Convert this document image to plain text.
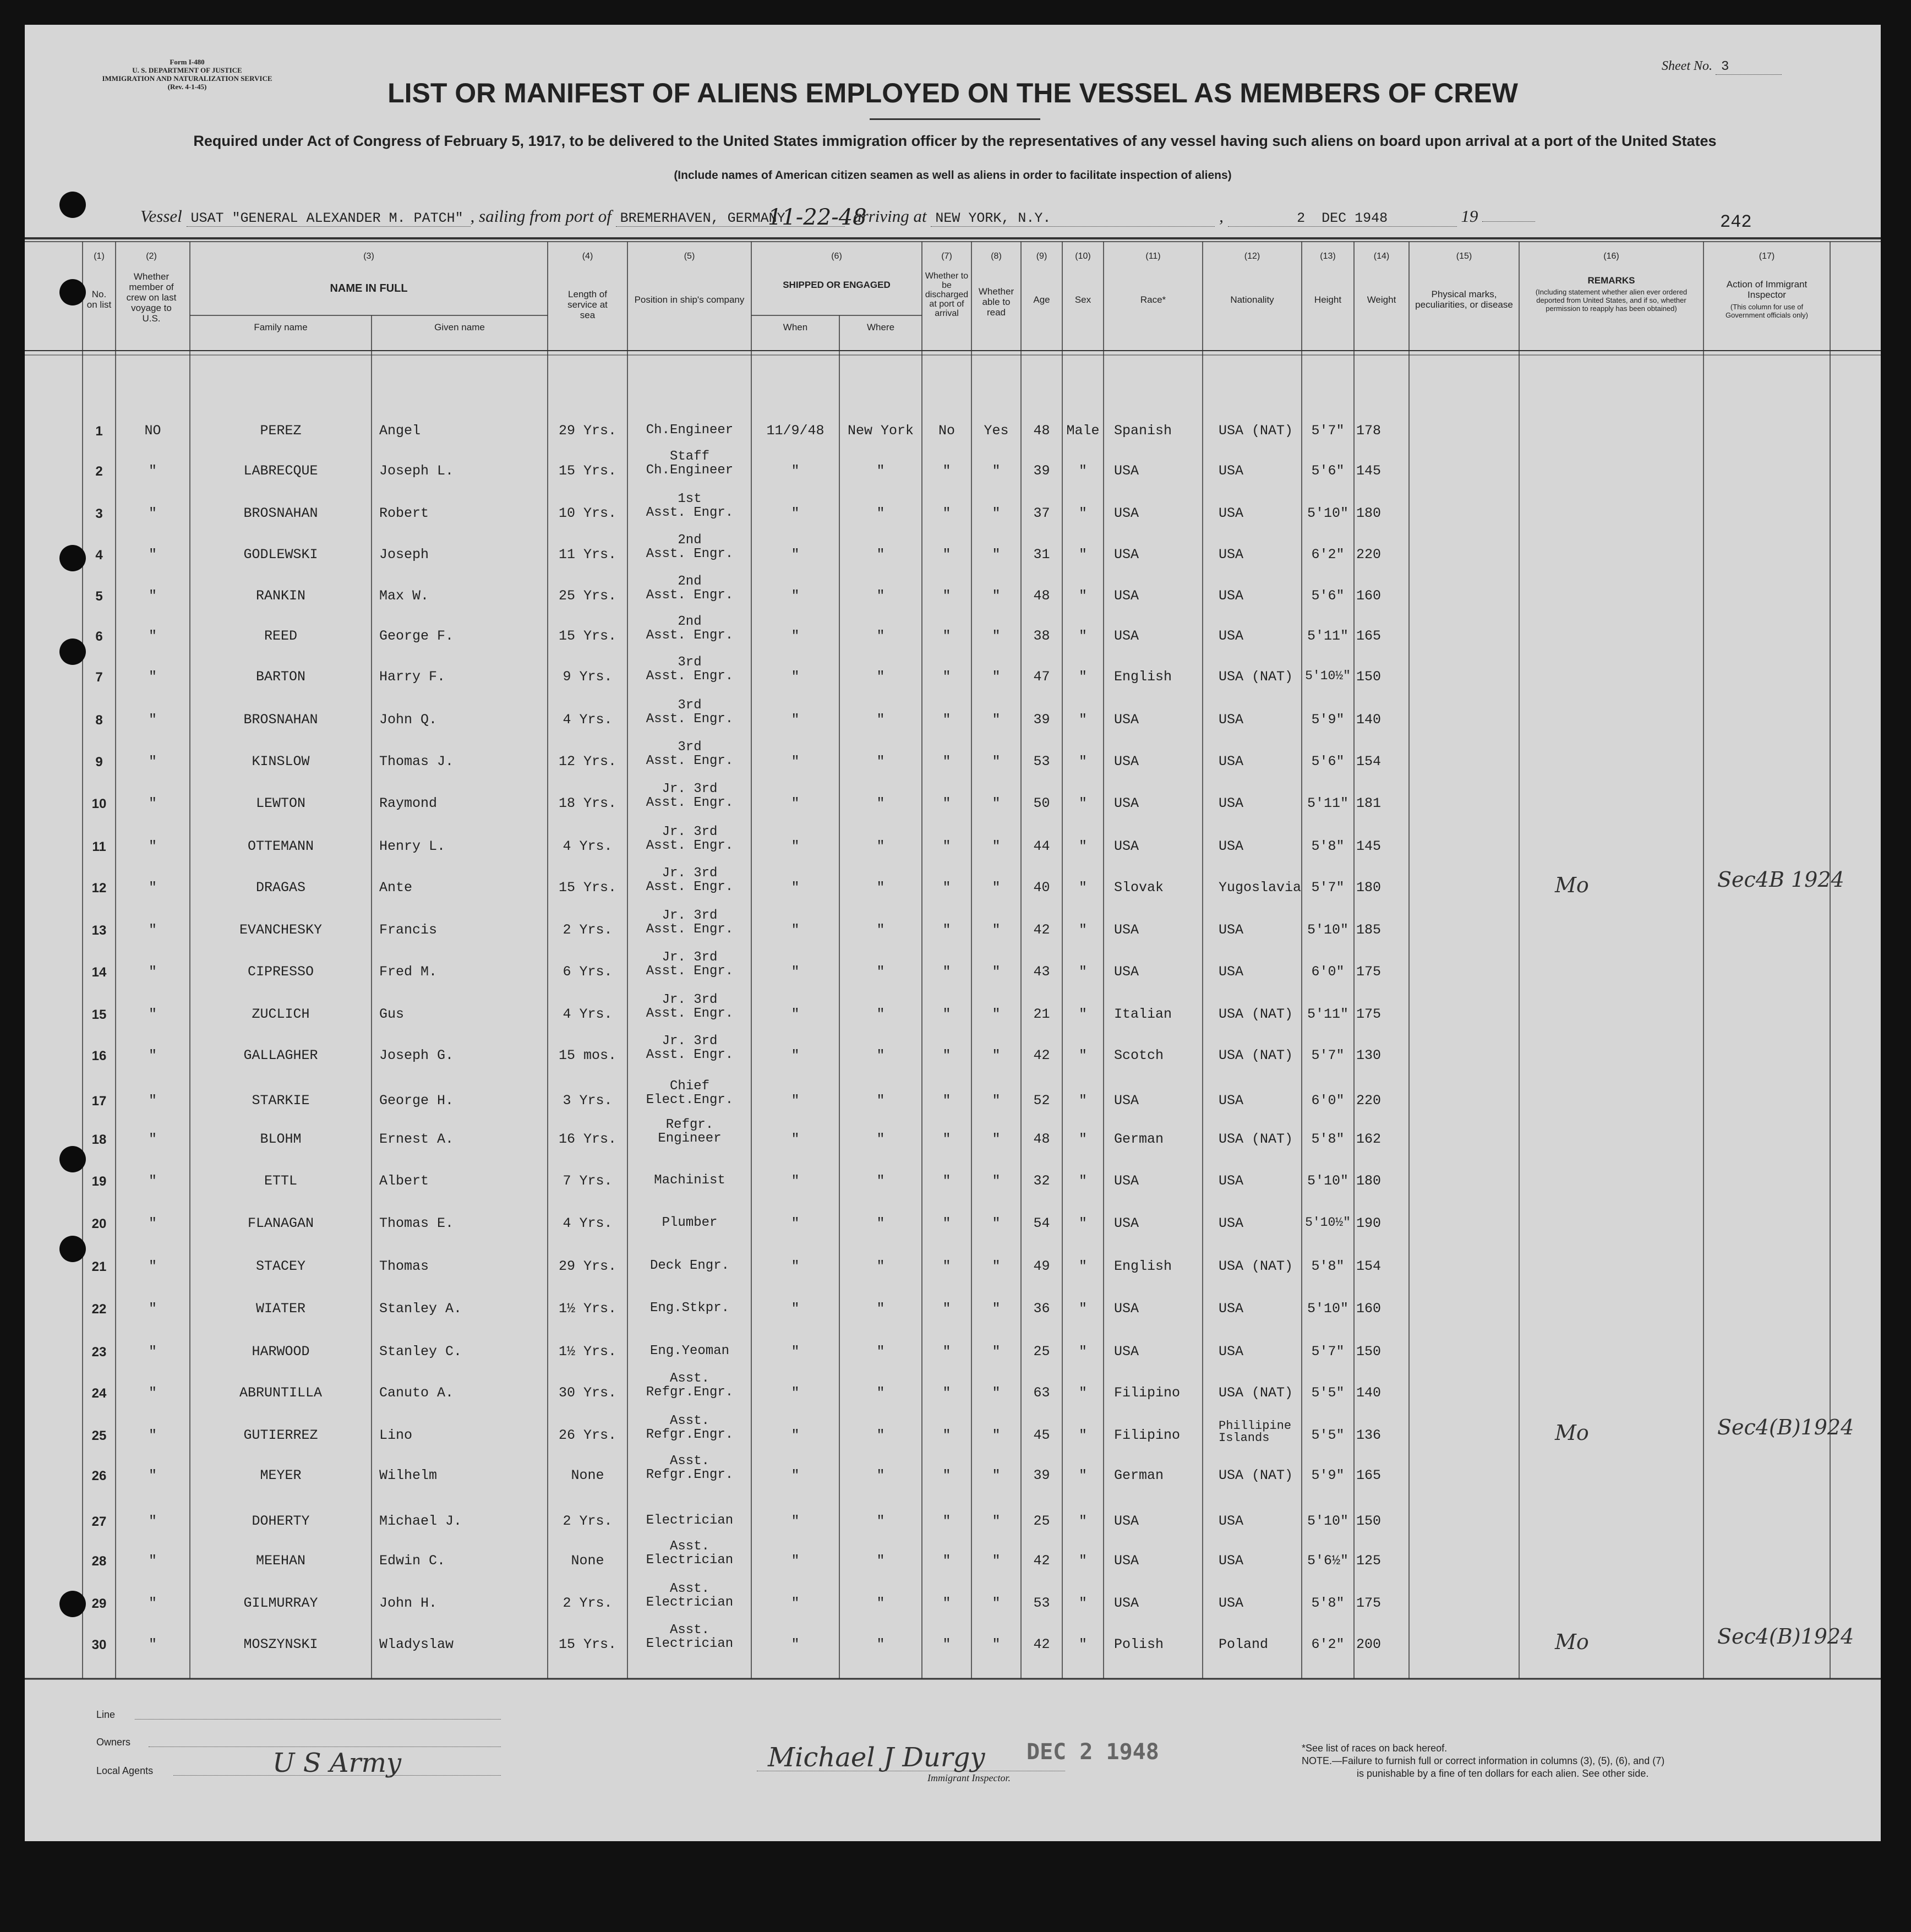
Form I-480
U. S. DEPARTMENT OF JUSTICE
IMMIGRATION AND NATURALIZATION SERVICE
(Rev. 4-1-45)
Sheet No. 3
LIST OR MANIFEST OF ALIENS EMPLOYED ON THE VESSEL AS MEMBERS OF CREW
Required under Act of Congress of February 5, 1917, to be delivered to the United States immigration officer by the representatives of any vessel having such aliens on board upon arrival at a port of the United States
(Include names of American citizen seamen as well as aliens in order to facilitate inspection of aliens)
Vessel USAT "GENERAL ALEXANDER M. PATCH" , sailing from port of BREMERHAVEN, GERMANY
11-22-48
, arriving at NEW YORK, N.Y.	,	2 DEC 1948	19	242
(1)
No. on list
(2)
Whether member of crew on last voyage to U.S.
(3)
NAME IN FULL
Family name	Given name
(4)
Length of service at sea
(5)
Position in ship's company
(6)
SHIPPED OR ENGAGED
When	Where
(7)
Whether to be discharged at port of arrival
(8)
Whether able to read
(9)
Age
(10)
Sex
(11)
Race*
(12)
Nationality
(13)
Height
(14)
Weight
(15)
Physical marks, peculiarities, or disease
(16)
REMARKS
(Including statement whether alien ever ordered deported from United States, and if so, whether permission to reapply has been obtained)
(17)
Action of Immigrant Inspector
(This column for use of Government officials only)
1	NO	PEREZ	Angel	29 Yrs.	11/9/48	New York	No	Yes	48	Male	Spanish	USA (NAT)	5'7" 178

Ch.Engineer
2	"	LABRECQUE	Joseph L.	15 Yrs.	"	"	"	"	39	"	USA	USA	5'6" 145
Staff
Ch.Engineer
3	"	BROSNAHAN	Robert	10 Yrs.	"	"	"	"	37	"	USA	USA	5'10" 180
1st
Asst. Engr.
4	"	GODLEWSKI	Joseph	11 Yrs.	"	"	"	"	31	"	USA	USA	6'2" 220
2nd
Asst. Engr.
5	"	RANKIN	Max W.	25 Yrs.	"	"	"	"	48	"	USA	USA	5'6" 160
2nd
Asst. Engr.
6	"	REED	George F.	15 Yrs.	"	"	"	"	38	"	USA	USA	5'11" 165
2nd
Asst. Engr.
7	"	BARTON	Harry F.	9 Yrs.	"	"	"	"	47	"	English	USA (NAT) 5'10½" 150
3rd
Asst. Engr.
8	"	BROSNAHAN	John Q.	4 Yrs.	"	"	"	"	39	"	USA	USA	5'9" 140
3rd
Asst. Engr.
9	"	KINSLOW	Thomas J.	12 Yrs.	"	"	"	"	53	"	USA	USA	5'6" 154
3rd
Asst. Engr.
10	"	LEWTON	Raymond	18 Yrs.	"	"	"	"	50	"	USA	USA	5'11" 181
Jr. 3rd
Asst. Engr.
11	"	OTTEMANN	Henry L.	4 Yrs.	"	"	"	"	44	"	USA	USA	5'8" 145
Jr. 3rd
Asst. Engr.
12	"	DRAGAS	Ante	15 Yrs.	"	"	"	"	40	"	Slovak	Yugoslavia 5'7" 180
Jr. 3rd
Asst. Engr.	Mo	Sec4B 1924
13	"	EVANCHESKY	Francis	2 Yrs.	"	"	"	"	42	"	USA	USA	5'10" 185
Jr. 3rd
Asst. Engr.
14	"	CIPRESSO	Fred M.	6 Yrs.	"	"	"	"	43	"	USA	USA	6'0" 175
Jr. 3rd
Asst. Engr.
15	"	ZUCLICH	Gus	4 Yrs.	"	"	"	"	21	"	Italian	USA (NAT)	5'11" 175
Jr. 3rd
Asst. Engr.
16	"	GALLAGHER	Joseph G.	15 mos.	"	"	"	"	42	"	Scotch	USA (NAT)	5'7" 130
Jr. 3rd
Asst. Engr.
17	"	STARKIE	George H.	3 Yrs.	"	"	"	"	52	"	USA	USA	6'0" 220
Chief
Elect.Engr.
18	"	BLOHM	Ernest A.	16 Yrs.	"	"	"	"	48	"	German	USA (NAT)	5'8" 162
Refgr.
Engineer
19	"	ETTL	Albert	7 Yrs.	"	"	"	"	32	"	USA	USA	5'10" 180

Machinist
20	"	FLANAGAN	Thomas E.	4 Yrs.	"	"	"	"	54	"	USA	USA	5'10½" 190

Plumber
21	"	STACEY	Thomas	29 Yrs.	"	"	"	"	49	"	English	USA (NAT)	5'8" 154

Deck Engr.
22	"	WIATER	Stanley A.	1½ Yrs.	"	"	"	"	36	"	USA	USA	5'10" 160

Eng.Stkpr.
23	"	HARWOOD	Stanley C.	1½ Yrs.	"	"	"	"	25	"	USA	USA	5'7" 150

Eng.Yeoman
24	"	ABRUNTILLA	Canuto A.	30 Yrs.	"	"	"	"	63	"	Filipino	USA (NAT)	5'5" 140
Asst.
Refgr.Engr.
25	"	GUTIERREZ	Lino	26 Yrs.	"	"	"	"	45	"	Filipino
Phillipine Islands	5'5" 136
Asst.
Refgr.Engr.	Mo	Sec4(B)1924
26	"	MEYER	Wilhelm	None	"	"	"	"	39	"	German	USA (NAT)	5'9" 165
Asst.
Refgr.Engr.
27	"	DOHERTY	Michael J.	2 Yrs.	"	"	"	"	25	"	USA	USA	5'10" 150

Electrician
28	"	MEEHAN	Edwin C.	None	"	"	"	"	42	"	USA	USA	5'6½" 125
Asst.
Electrician
29	"	GILMURRAY	John H.	2 Yrs.	"	"	"	"	53	"	USA	USA	5'8" 175
Asst.
Electrician
30	"	MOSZYNSKI	Wladyslaw	15 Yrs.	"	"	"	"	42	"	Polish	Poland	6'2" 200
Asst.
Electrician	Mo	Sec4(B)1924
Line
Owners
Local Agents	U S Army	Michael J Durgy
Immigrant Inspector.
DEC 2 1948	*See list of races on back hereof.
NOTE.—Failure to furnish full or correct information in columns (3), (5), (6), and (7)
is punishable by a fine of ten dollars for each alien. See other side.
